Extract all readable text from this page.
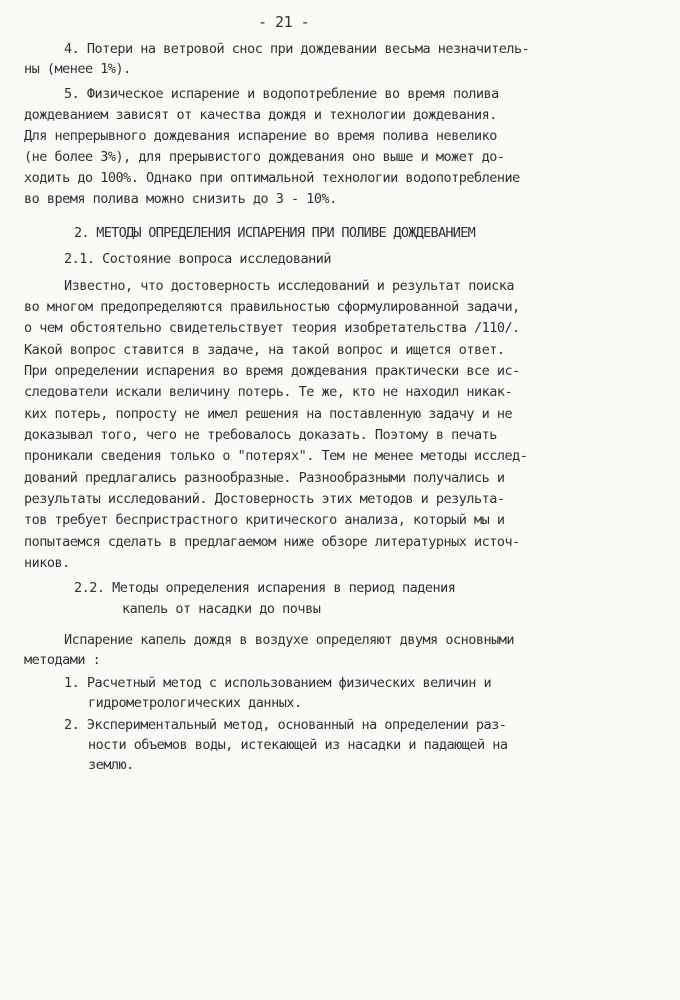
- 21 -
4. Потери на ветровой снос при дождевании весьма незначитель-
ны (менее 1%).
5. Физическое испарение и водопотребление во время полива
дождеванием зависят от качества дождя и технологии дождевания.
Для непрерывного дождевания испарение во время полива невелико
(не более 3%), для прерывистого дождевания оно выше и может до-
ходить до 100%. Однако при оптимальной технологии водопотребление
во время полива можно снизить до 3 - 10%.
2. МЕТОДЫ ОПРЕДЕЛЕНИЯ ИСПАРЕНИЯ ПРИ ПОЛИВЕ ДОЖДЕВАНИЕМ
2.1. Состояние вопроса исследований
Известно, что достоверность исследований и результат поиска
во многом предопределяются правильностью сформулированной задачи,
о чем обстоятельно свидетельствует теория изобретательства /110/.
Какой вопрос ставится в задаче, на такой вопрос и ищется ответ.
При определении испарения во время дождевания практически все ис-
следователи искали величину потерь. Те же, кто не находил никак-
ких потерь, попросту не имел решения на поставленную задачу и не
доказывал того, чего не требовалось доказать. Поэтому в печать
проникали сведения только о "потерях". Тем не менее методы исслед-
дований предлагались разнообразные. Разнообразными получались и
результаты исследований. Достоверность этих методов и результа-
тов требует беспристрастного критического анализа, который мы и
попытаемся сделать в предлагаемом ниже обзоре литературных источ-
ников.
2.2. Методы определения испарения в период падения
капель от насадки до почвы
Испарение капель дождя в воздухе определяют двумя основными
методами :
1. Расчетный метод с использованием физических величин и
гидрометрологических данных.
2. Экспериментальный метод, основанный на определении раз-
ности объемов воды, истекающей из насадки и падающей на
землю.
